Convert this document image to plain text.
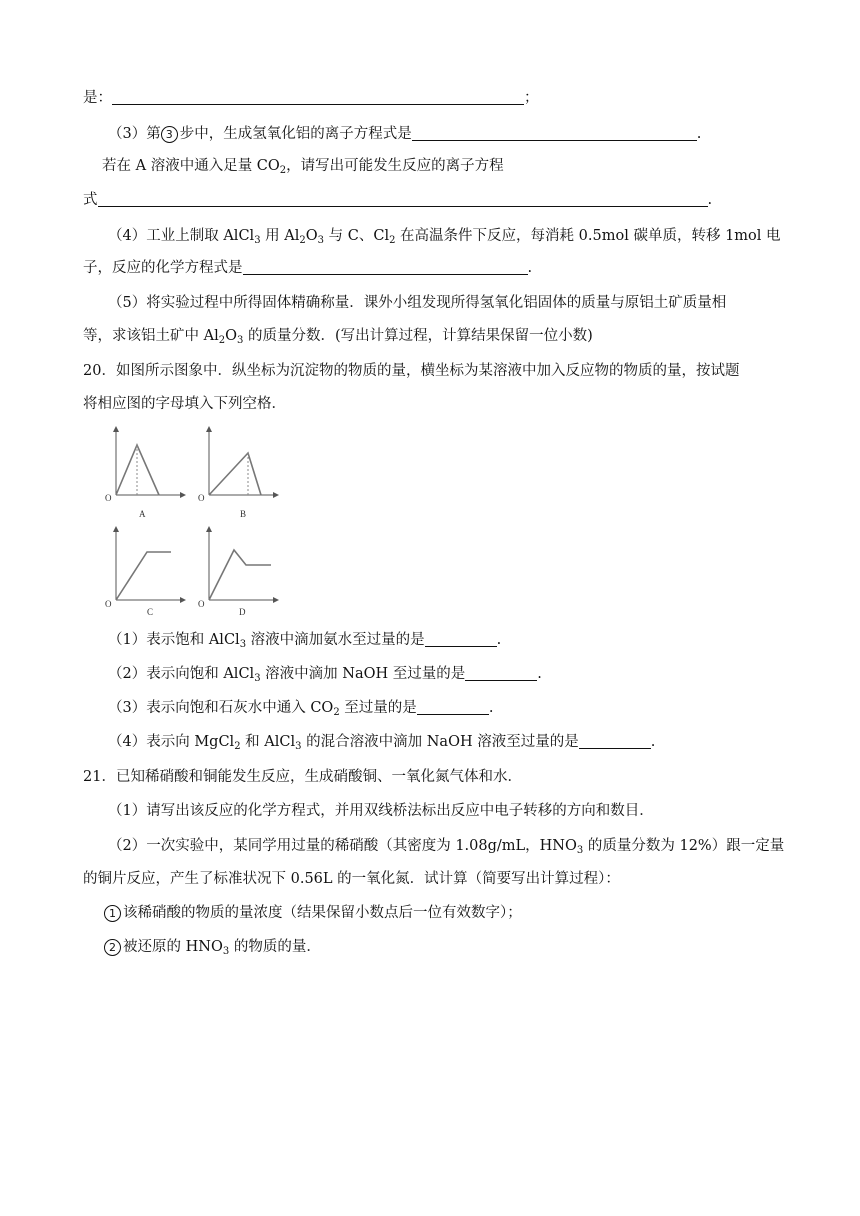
是：	；
（3）第 3 步中，生成氢氧化铝的离子方程式是	.
若在 A 溶液中通入足量 $CO_2$，请写出可能发生反应的离子方程
式	.
（4）工业上制取 AlCl$_3$ 用 $Al_2O_3$ 与 C、$Cl_2$ 在高温条件下反应，每消耗 0.5mol 碳单质，转移 1mol 电
子，反应的化学方程式是	.
（5）将实验过程中所得固体精确称量．课外小组发现所得氢氧化铝固体的质量与原铝土矿质量相
等，求该铝土矿中 $Al_2O_3$ 的质量分数．(写出计算过程，计算结果保留一位小数)
20．如图所示图象中．纵坐标为沉淀物的物质的量，横坐标为某溶液中加入反应物的物质的量，按试题
将相应图的字母填入下列空格．
O
A
O
B
O
C
O
D
（1）表示饱和 AlCl$_3$ 溶液中滴加氨水至过量的是	.
（2）表示向饱和 AlCl$_3$ 溶液中滴加 NaOH 至过量的是	.
（3）表示向饱和石灰水中通入 $CO_2$ 至过量的是	.
（4）表示向 MgCl$_2$ 和 AlCl$_3$ 的混合溶液中滴加 NaOH 溶液至过量的是	.
21．已知稀硝酸和铜能发生反应，生成硝酸铜、一氧化氮气体和水．
（1）请写出该反应的化学方程式，并用双线桥法标出反应中电子转移的方向和数目．
（2）一次实验中，某同学用过量的稀硝酸（其密度为 1.08g/mL，$HNO_3$ 的质量分数为 12%）跟一定量
的铜片反应，产生了标准状况下 0.56L 的一氧化氮．试计算（简要写出计算过程）：
1 该稀硝酸的物质的量浓度（结果保留小数点后一位有效数字）；
2 被还原的 $HNO_3$ 的物质的量．
